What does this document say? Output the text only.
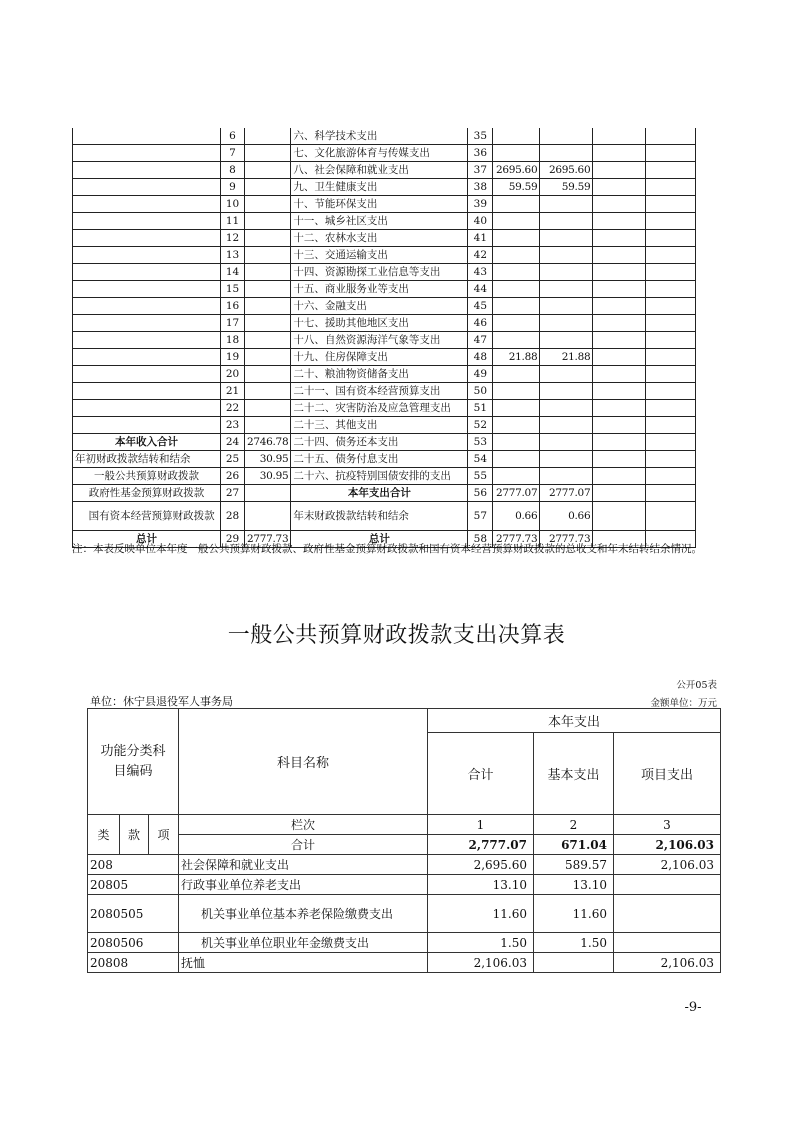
	6		六、科学技术支出	35				
	7		七、文化旅游体育与传媒支出	36				
	8		八、社会保障和就业支出	37	2695.60	2695.60		
	9		九、卫生健康支出	38	59.59	59.59		
	10		十、节能环保支出	39				
	11		十一、城乡社区支出	40				
	12		十二、农林水支出	41				
	13		十三、交通运输支出	42				
	14		十四、资源勘探工业信息等支出	43				
	15		十五、商业服务业等支出	44				
	16		十六、金融支出	45				
	17		十七、援助其他地区支出	46				
	18		十八、自然资源海洋气象等支出	47				
	19		十九、住房保障支出	48	21.88	21.88		
	20		二十、粮油物资储备支出	49				
	21		二十一、国有资本经营预算支出	50				
	22		二十二、灾害防治及应急管理支出	51				
	23		二十三、其他支出	52				
本年收入合计	24	2746.78	二十四、债务还本支出	53				
年初财政拨款结转和结余	25	30.95	二十五、债务付息支出	54				
一般公共预算财政拨款	26	30.95	二十六、抗疫特别国债安排的支出	55				
政府性基金预算财政拨款	27		本年支出合计	56	2777.07	2777.07		
国有资本经营预算财政拨款	28		年末财政拨款结转和结余	57	0.66	0.66		
总计	29	2777.73	总计	58	2777.73	2777.73		
注：本表反映单位本年度一般公共预算财政拨款、政府性基金预算财政拨款和国有资本经营预算财政拨款的总收支和年末结转结余情况。
一般公共预算财政拨款支出决算表
公开05表
单位：休宁县退役军人事务局	金额单位：万元
功能分类科目编码			科目名称	本年支出		
				合计	基本支出	项目支出
类	款	项	栏次	1	2	3
			合计	2,777.07	671.04	2,106.03
208			社会保障和就业支出	2,695.60	589.57	2,106.03
20805			行政事业单位养老支出	13.10	13.10	
2080505			机关事业单位基本养老保险缴费支出	11.60	11.60	
2080506			机关事业单位职业年金缴费支出	1.50	1.50	
20808			抚恤	2,106.03		2,106.03
-9-
